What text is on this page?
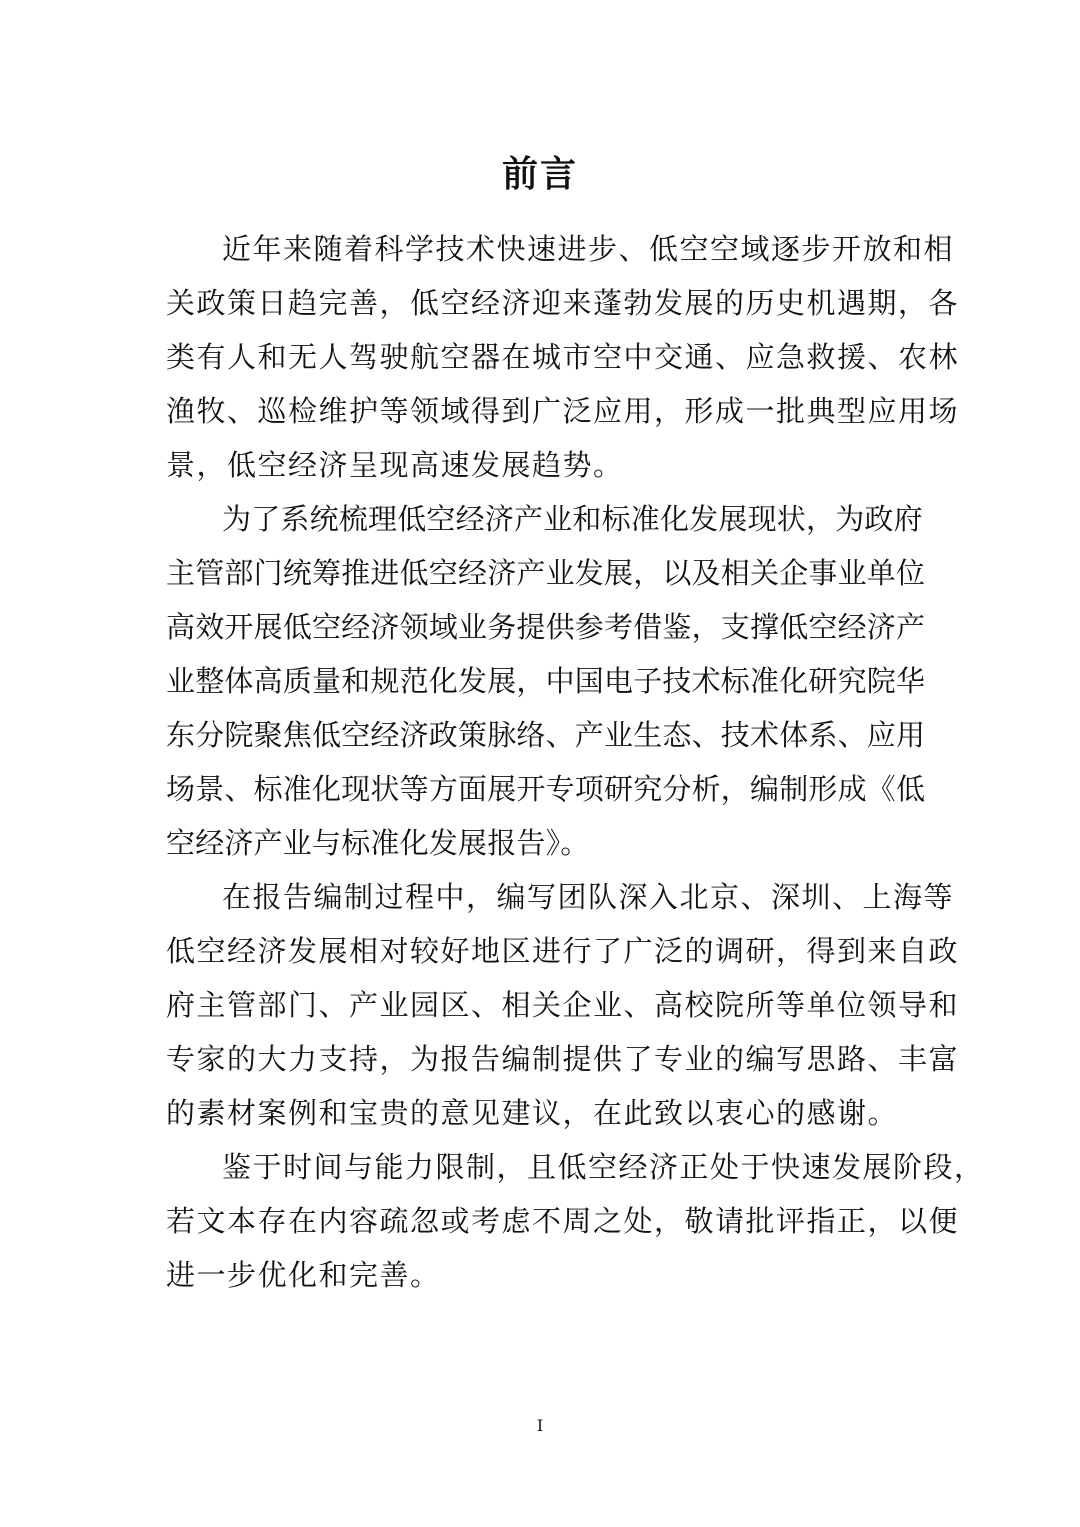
前言
近年来随着科学技术快速进步、低空空域逐步开放和相
关政策日趋完善，低空经济迎来蓬勃发展的历史机遇期，各
类有人和无人驾驶航空器在城市空中交通、应急救援、农林
渔牧、巡检维护等领域得到广泛应用，形成一批典型应用场
景，低空经济呈现高速发展趋势。
为了系统梳理低空经济产业和标准化发展现状，为政府
主管部门统筹推进低空经济产业发展，以及相关企事业单位
高效开展低空经济领域业务提供参考借鉴，支撑低空经济产
业整体高质量和规范化发展，中国电子技术标准化研究院华
东分院聚焦低空经济政策脉络、产业生态、技术体系、应用
场景、标准化现状等方面展开专项研究分析，编制形成《低
空经济产业与标准化发展报告》。
在报告编制过程中，编写团队深入北京、深圳、上海等
低空经济发展相对较好地区进行了广泛的调研，得到来自政
府主管部门、产业园区、相关企业、高校院所等单位领导和
专家的大力支持，为报告编制提供了专业的编写思路、丰富
的素材案例和宝贵的意见建议，在此致以衷心的感谢。
鉴于时间与能力限制，且低空经济正处于快速发展阶段，
若文本存在内容疏忽或考虑不周之处，敬请批评指正，以便
进一步优化和完善。
I
